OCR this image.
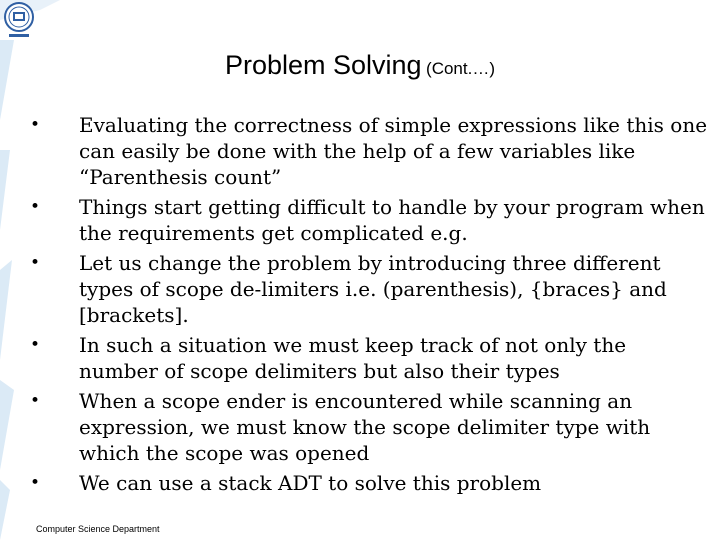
Problem Solving (Cont.…)
• Evaluating the correctness of simple expressions like this one can easily be done with the help of a few variables like “Parenthesis count”
• Things start getting difficult to handle by your program when the requirements get complicated e.g.
• Let us change the problem by introducing three different types of scope de-limiters i.e. (parenthesis), {braces} and [brackets].
• In such a situation we must keep track of not only the number of scope delimiters but also their types
• When a scope ender is encountered while scanning an expression, we must know the scope delimiter type with which the scope was opened
• We can use a stack ADT to solve this problem
Computer Science Department
